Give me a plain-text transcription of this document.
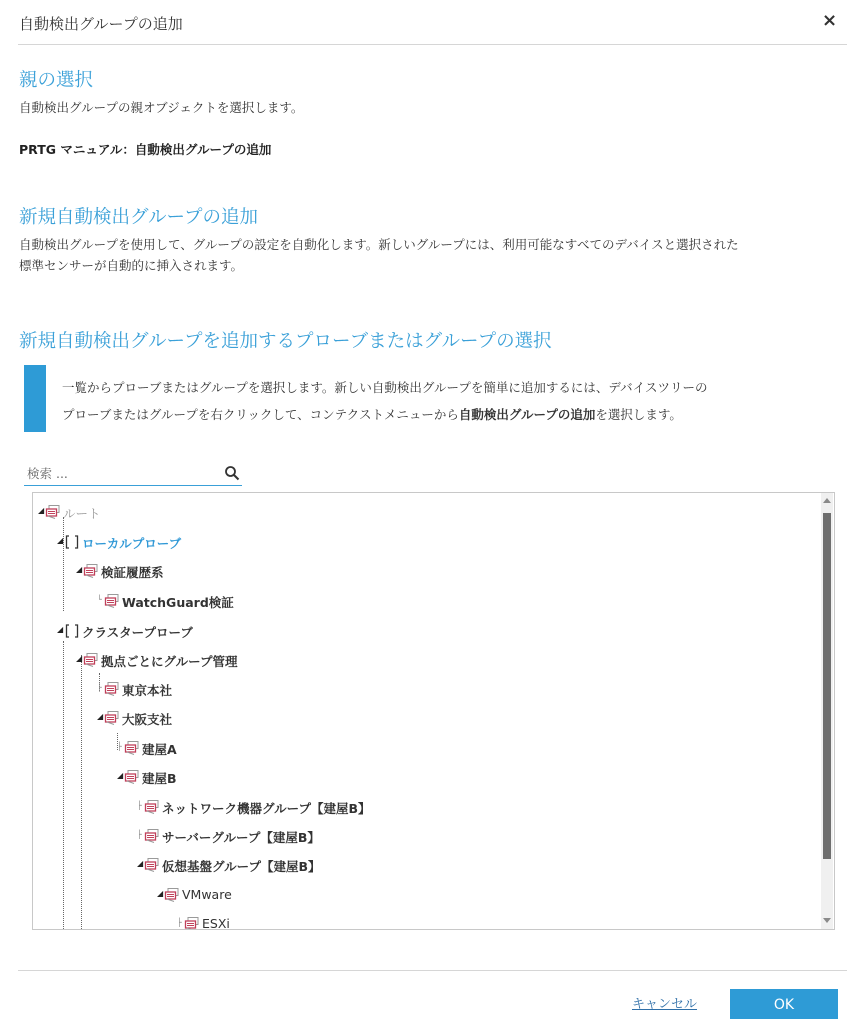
自動検出グループの追加	×
親の選択
自動検出グループの親オブジェクトを選択します。
PRTG マニュアル：自動検出グループの追加
新規自動検出グループの追加
自動検出グループを使用して、グループの設定を自動化します。新しいグループには、利用可能なすべてのデバイスと選択された
標準センサーが自動的に挿入されます。
新規自動検出グループを追加するプローブまたはグループの選択
一覧からプローブまたはグループを選択します。新しい自動検出グループを簡単に追加するには、デバイスツリーの
プローブまたはグループを右クリックして、コンテクストメニューから自動検出グループの追加を選択します。
検索 ...
◢ ルート
◢ ローカルプローブ
◢ 検証履歴系
└ WatchGuard検証
◢ クラスタープローブ
◢ 拠点ごとにグループ管理
├ 東京本社
◢ 大阪支社
├ 建屋A
◢ 建屋B
├ ネットワーク機器グループ【建屋B】
├ サーバーグループ【建屋B】
◢ 仮想基盤グループ【建屋B】
◢ VMware
├ ESXi
キャンセル	OK
